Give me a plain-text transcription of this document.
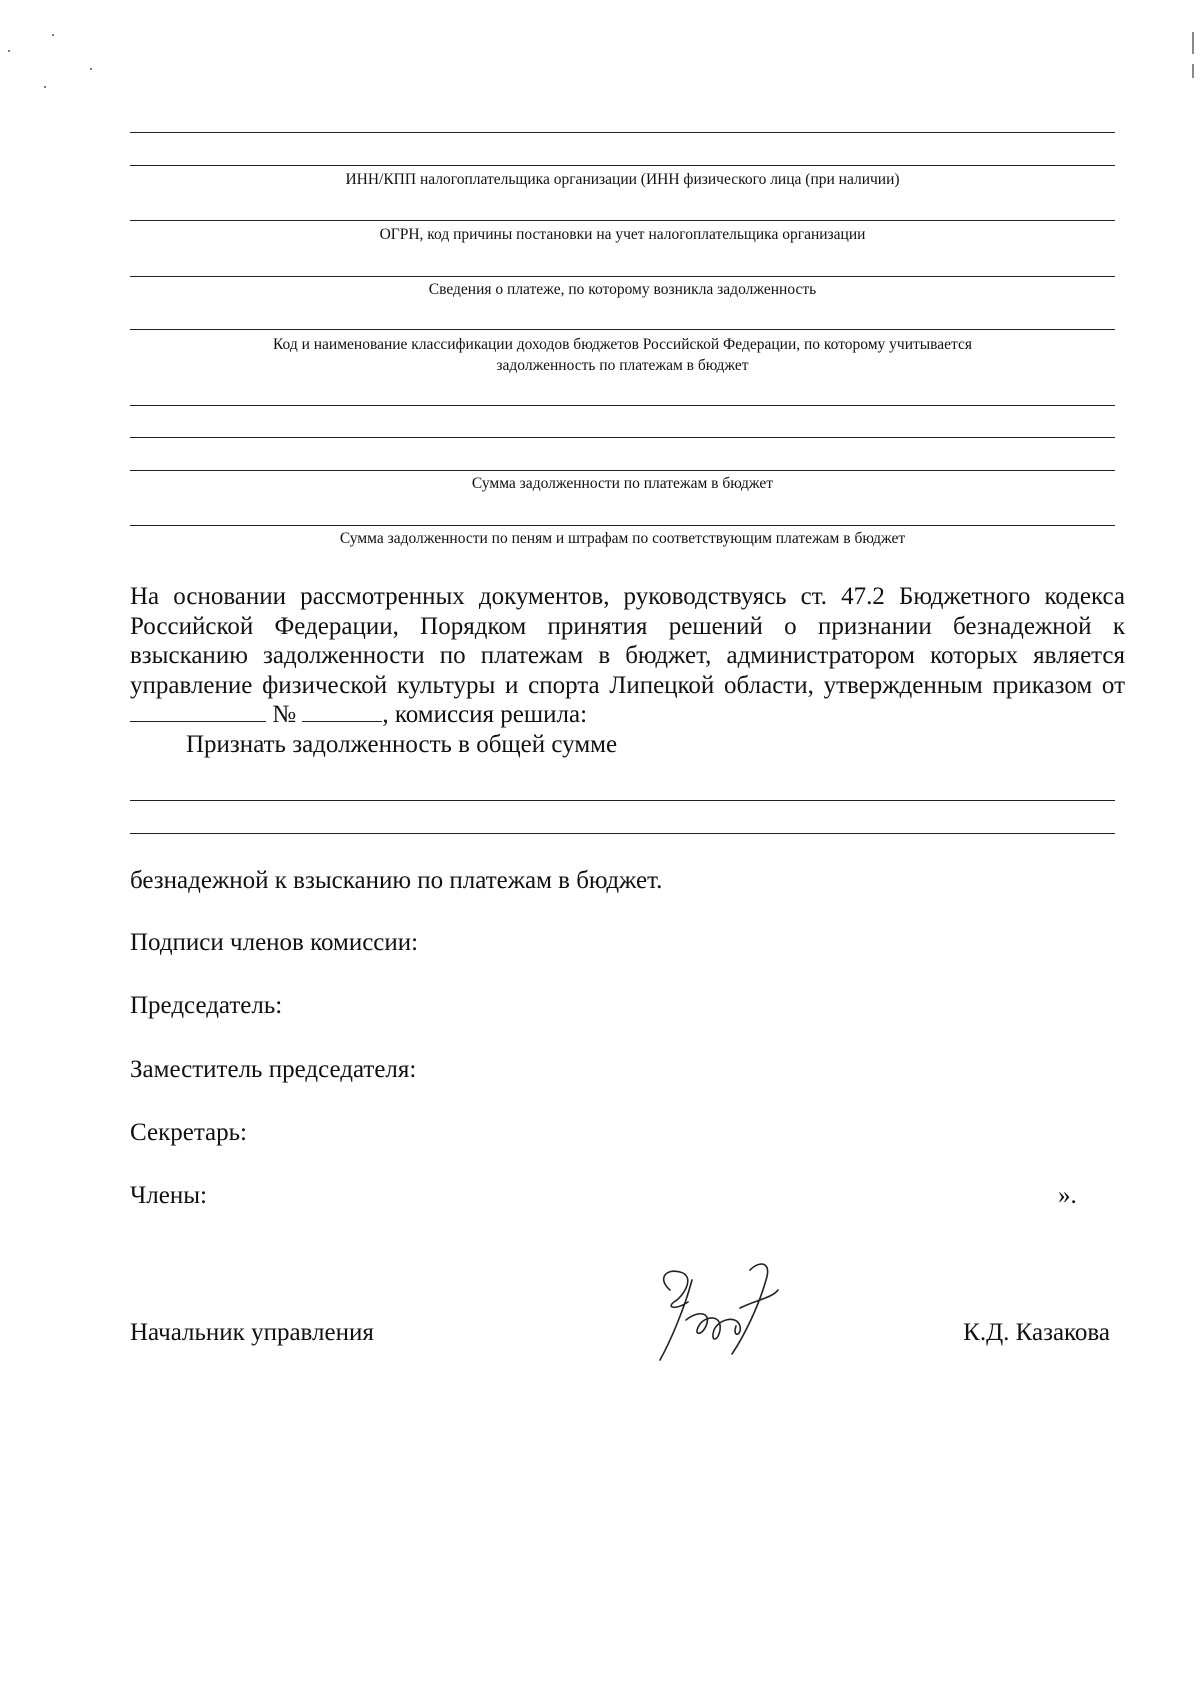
ИНН/КПП налогоплательщика организации (ИНН физического лица (при наличии)
ОГРН, код причины постановки на учет налогоплательщика организации
Сведения о платеже, по которому возникла задолженность
Код и наименование классификации доходов бюджетов Российской Федерации, по которому учитывается
задолженность по платежам в бюджет
Сумма задолженности по платежам в бюджет
Сумма задолженности по пеням и штрафам по соответствующим платежам в бюджет
На основании рассмотренных документов, руководствуясь ст. 47.2 Бюджетного кодекса Российской Федерации, Порядком принятия решений о признании безнадежной к взысканию задолженности по платежам в бюджет, администратором которых является управление физической культуры и спорта Липецкой области, утвержденным приказом от  №	, комиссия решила:
Признать задолженность в общей сумме
безнадежной к взысканию по платежам в бюджет.
Подписи членов комиссии:
Председатель:
Заместитель председателя:
Секретарь:
Члены:	».
Начальник управления	К.Д. Казакова
